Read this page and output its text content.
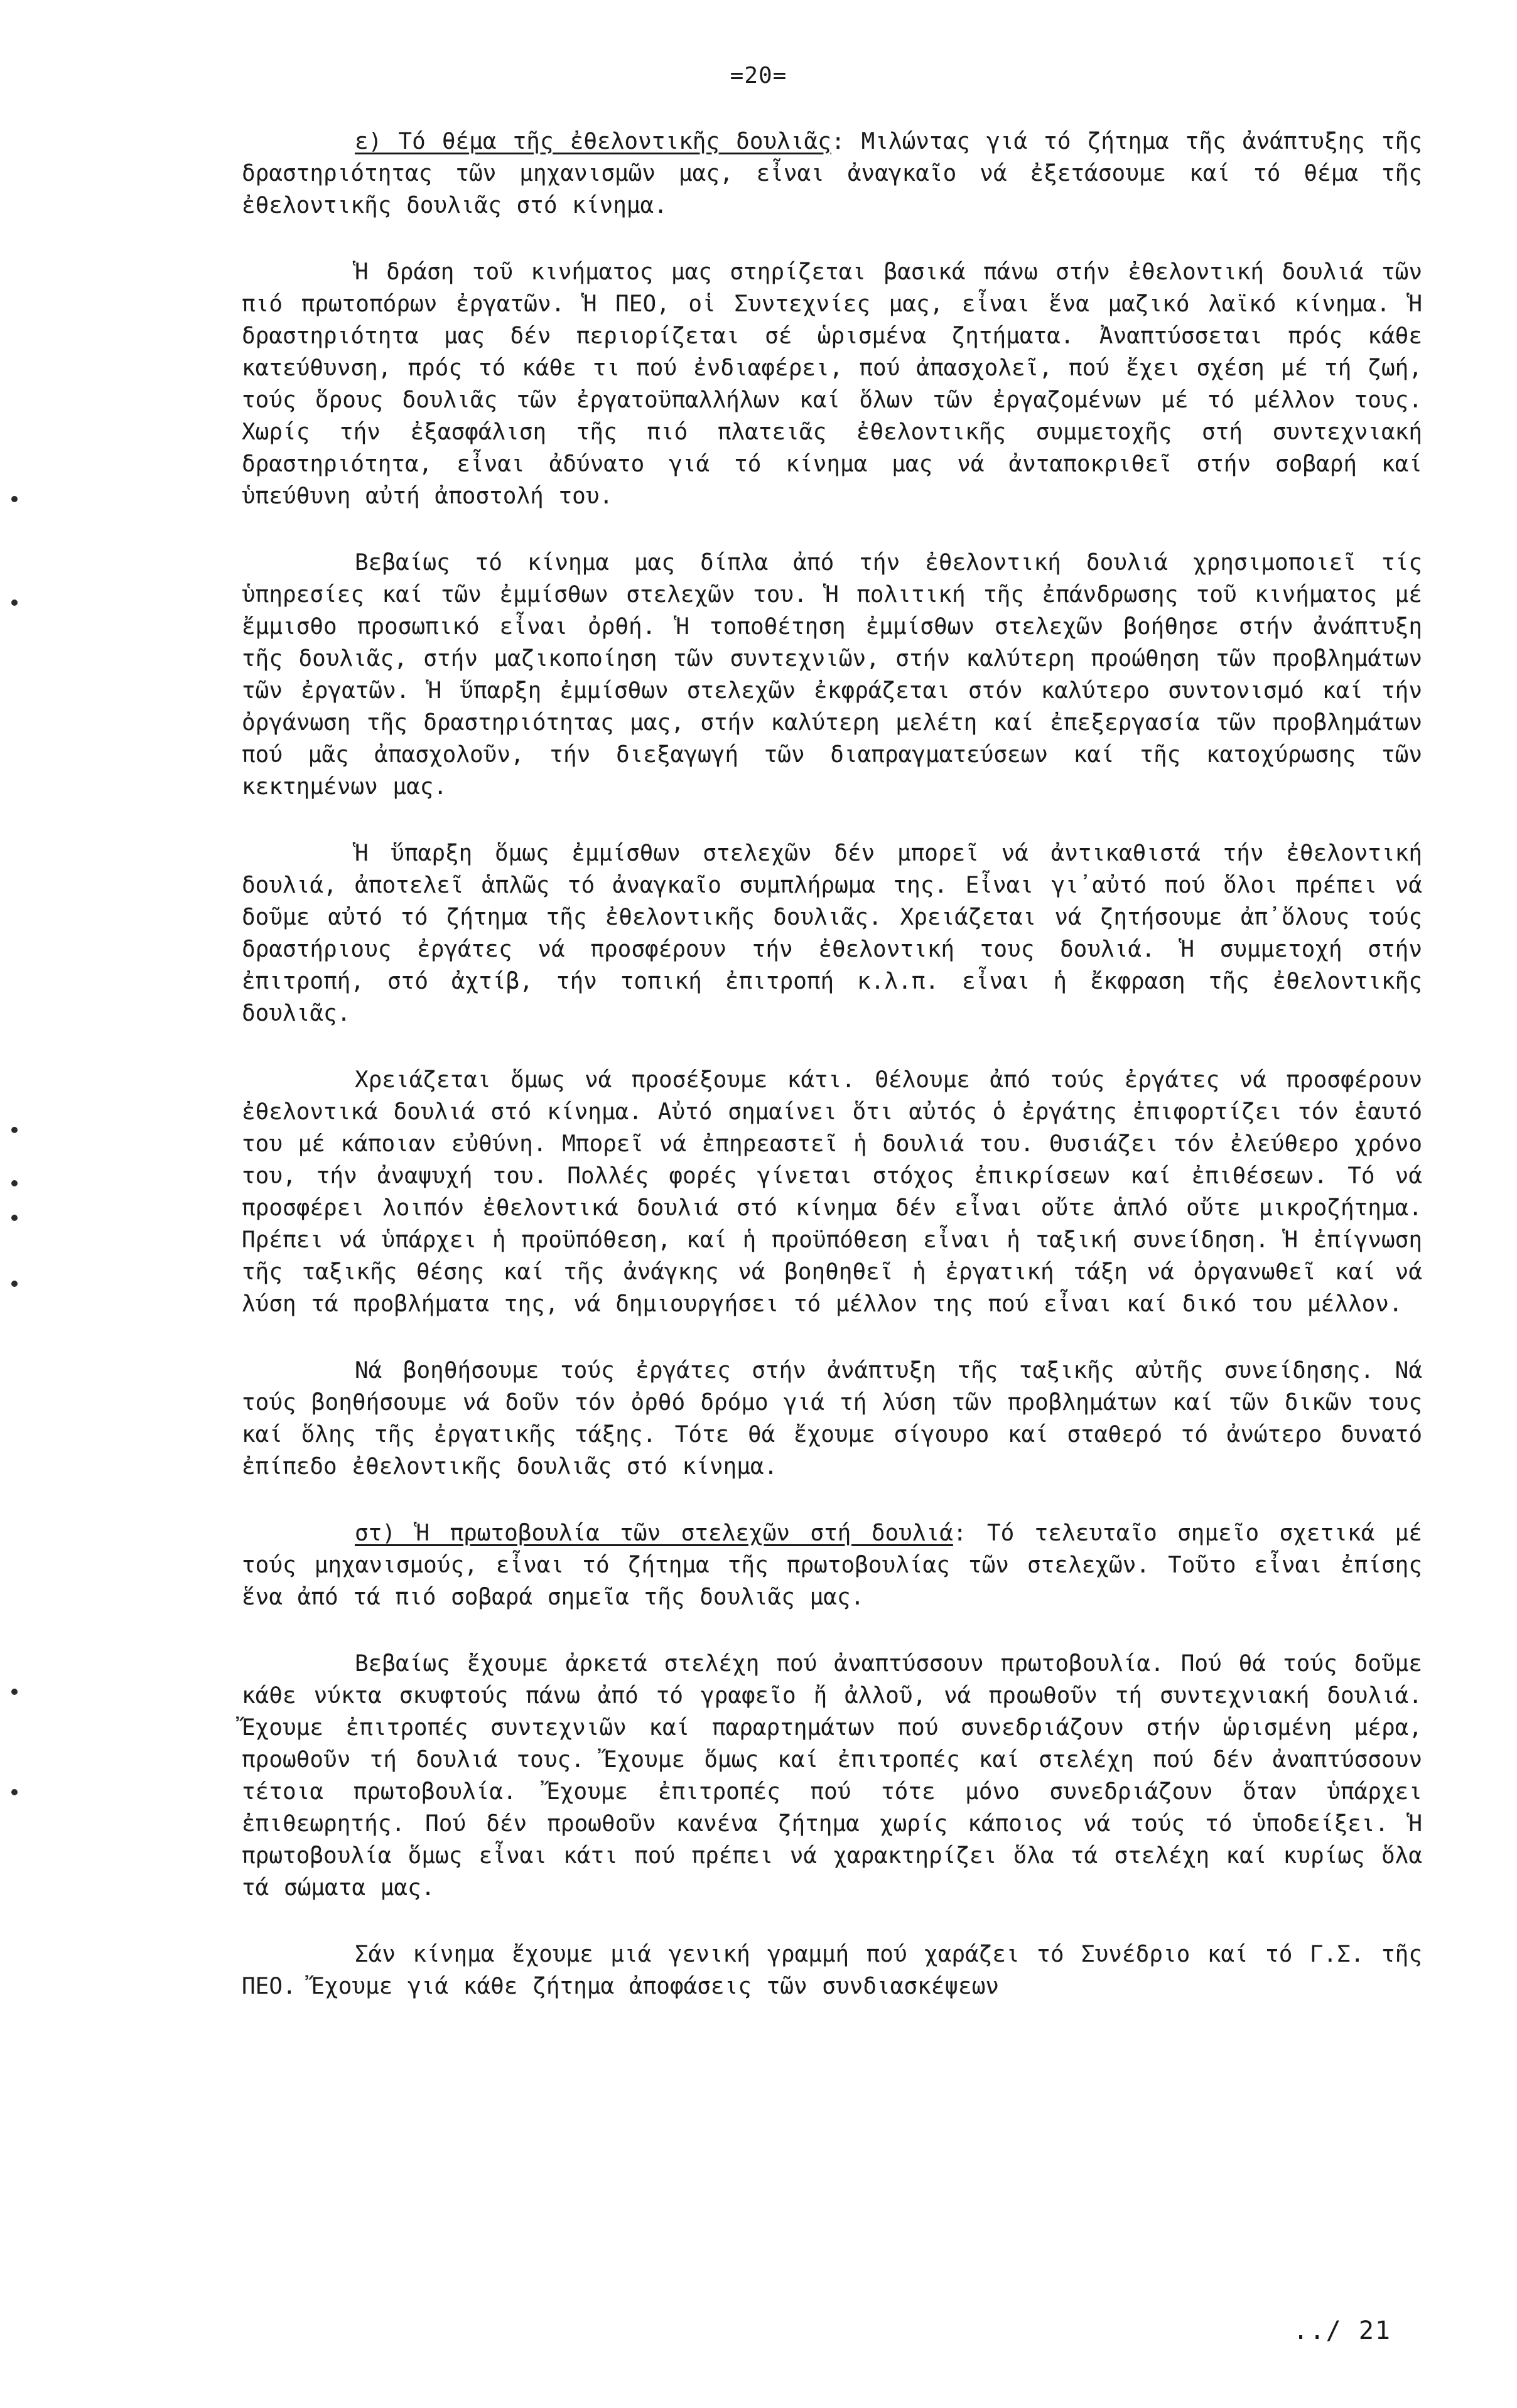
=20=

ε) Τό θέμα τῆς ἐθελοντικῆς δουλιᾶς: Μιλώντας γιά τό ζήτημα τῆς ἀνάπτυξης τῆς δραστηριότητας τῶν μηχανισμῶν μας, εἶναι ἀναγκαῖο νά ἐξετάσουμε καί τό θέμα τῆς ἐθελοντικῆς δουλιᾶς στό κίνημα.

Ἡ δράση τοῦ κινήματος μας στηρίζεται βασικά πάνω στήν ἐθελοντική δουλιά τῶν πιό πρωτοπόρων ἐργατῶν. Ἡ ΠΕΟ, οἱ Συντεχνίες μας, εἶναι ἕνα μαζικό λαϊκό κίνημα. Ἡ δραστηριότητα μας δέν περιορίζεται σέ ὡρισμένα ζητήματα. Ἀναπτύσσεται πρός κάθε κατεύθυνση, πρός τό κάθε τι πού ἐνδιαφέρει, πού ἀπασχολεῖ, πού ἔχει σχέση μέ τή ζωή, τούς ὅρους δουλιᾶς τῶν ἐργατοϋπαλλήλων καί ὅλων τῶν ἐργαζομένων μέ τό μέλλον τους. Χωρίς τήν ἐξασφάλιση τῆς πιό πλατειᾶς ἐθελοντικῆς συμμετοχῆς στή συντεχνιακή δραστηριότητα, εἶναι ἀδύνατο γιά τό κίνημα μας νά ἀνταποκριθεῖ στήν σοβαρή καί ὑπεύθυνη αὐτή ἀποστολή του.

Βεβαίως τό κίνημα μας δίπλα ἀπό τήν ἐθελοντική δουλιά χρησιμοποιεῖ τίς ὑπηρεσίες καί τῶν ἐμμίσθων στελεχῶν του. Ἡ πολιτική τῆς ἐπάνδρωσης τοῦ κινήματος μέ ἔμμισθο προσωπικό εἶναι ὀρθή. Ἡ τοποθέτηση ἐμμίσθων στελεχῶν βοήθησε στήν ἀνάπτυξη τῆς δουλιᾶς, στήν μαζικοποίηση τῶν συντεχνιῶν, στήν καλύτερη προώθηση τῶν προβλημάτων τῶν ἐργατῶν. Ἡ ὕπαρξη ἐμμίσθων στελεχῶν ἐκφράζεται στόν καλύτερο συντονισμό καί τήν ὀργάνωση τῆς δραστηριότητας μας, στήν καλύτερη μελέτη καί ἐπεξεργασία τῶν προβλημάτων πού μᾶς ἀπασχολοῦν, τήν διεξαγωγή τῶν διαπραγματεύσεων καί τῆς κατοχύρωσης τῶν κεκτημένων μας.

Ἡ ὕπαρξη ὅμως ἐμμίσθων στελεχῶν δέν μπορεῖ νά ἀντικαθιστά τήν ἐθελοντική δουλιά, ἀποτελεῖ ἁπλῶς τό ἀναγκαῖο συμπλήρωμα της. Εἶναι γι᾽αὐτό πού ὅλοι πρέπει νά δοῦμε αὐτό τό ζήτημα τῆς ἐθελοντικῆς δουλιᾶς. Χρειάζεται νά ζητήσουμε ἀπ᾽ὅλους τούς δραστήριους ἐργάτες νά προσφέρουν τήν ἐθελοντική τους δουλιά. Ἡ συμμετοχή στήν ἐπιτροπή, στό ἀχτίβ, τήν τοπική ἐπιτροπή κ.λ.π. εἶναι ἡ ἔκφραση τῆς ἐθελοντικῆς δουλιᾶς.

Χρειάζεται ὅμως νά προσέξουμε κάτι. Θέλουμε ἀπό τούς ἐργάτες νά προσφέρουν ἐθελοντικά δουλιά στό κίνημα. Αὐτό σημαίνει ὅτι αὐτός ὁ ἐργάτης ἐπιφορτίζει τόν ἑαυτό του μέ κάποιαν εὐθύνη. Μπορεῖ νά ἐπηρεαστεῖ ἡ δουλιά του. Θυσιάζει τόν ἐλεύθερο χρόνο του, τήν ἀναψυχή του. Πολλές φορές γίνεται στόχος ἐπικρίσεων καί ἐπιθέσεων. Τό νά προσφέρει λοιπόν ἐθελοντικά δουλιά στό κίνημα δέν εἶναι οὔτε ἁπλό οὔτε μικροζήτημα. Πρέπει νά ὑπάρχει ἡ προϋπόθεση, καί ἡ προϋπόθεση εἶναι ἡ ταξική συνείδηση. Ἡ ἐπίγνωση τῆς ταξικῆς θέσης καί τῆς ἀνάγκης νά βοηθηθεῖ ἡ ἐργατική τάξη νά ὀργανωθεῖ καί νά λύση τά προβλήματα της, νά δημιουργήσει τό μέλλον της πού εἶναι καί δικό του μέλλον.

Νά βοηθήσουμε τούς ἐργάτες στήν ἀνάπτυξη τῆς ταξικῆς αὐτῆς συνείδησης. Νά τούς βοηθήσουμε νά δοῦν τόν ὀρθό δρόμο γιά τή λύση τῶν προβλημάτων καί τῶν δικῶν τους καί ὅλης τῆς ἐργατικῆς τάξης. Τότε θά ἔχουμε σίγουρο καί σταθερό τό ἀνώτερο δυνατό ἐπίπεδο ἐθελοντικῆς δουλιᾶς στό κίνημα.

στ) Ἡ πρωτοβουλία τῶν στελεχῶν στή δουλιά: Τό τελευταῖο σημεῖο σχετικά μέ τούς μηχανισμούς, εἶναι τό ζήτημα τῆς πρωτοβουλίας τῶν στελεχῶν. Τοῦτο εἶναι ἐπίσης ἕνα ἀπό τά πιό σοβαρά σημεῖα τῆς δουλιᾶς μας.

Βεβαίως ἔχουμε ἀρκετά στελέχη πού ἀναπτύσσουν πρωτοβουλία. Πού θά τούς δοῦμε κάθε νύκτα σκυφτούς πάνω ἀπό τό γραφεῖο ἤ ἀλλοῦ, νά προωθοῦν τή συντεχνιακή δουλιά. Ἔχουμε ἐπιτροπές συντεχνιῶν καί παραρτημάτων πού συνεδριάζουν στήν ὡρισμένη μέρα, προωθοῦν τή δουλιά τους. Ἔχουμε ὅμως καί ἐπιτροπές καί στελέχη πού δέν ἀναπτύσσουν τέτοια πρωτοβουλία. Ἔχουμε ἐπιτροπές πού τότε μόνο συνεδριάζουν ὅταν ὑπάρχει ἐπιθεωρητής. Πού δέν προωθοῦν κανένα ζήτημα χωρίς κάποιος νά τούς τό ὑποδείξει. Ἡ πρωτοβουλία ὅμως εἶναι κάτι πού πρέπει νά χαρακτηρίζει ὅλα τά στελέχη καί κυρίως ὅλα τά σώματα μας.

Σάν κίνημα ἔχουμε μιά γενική γραμμή πού χαράζει τό Συνέδριο καί τό Γ.Σ. τῆς ΠΕΟ. Ἔχουμε γιά κάθε ζήτημα ἀποφάσεις τῶν συνδιασκέψεων

../ 21
